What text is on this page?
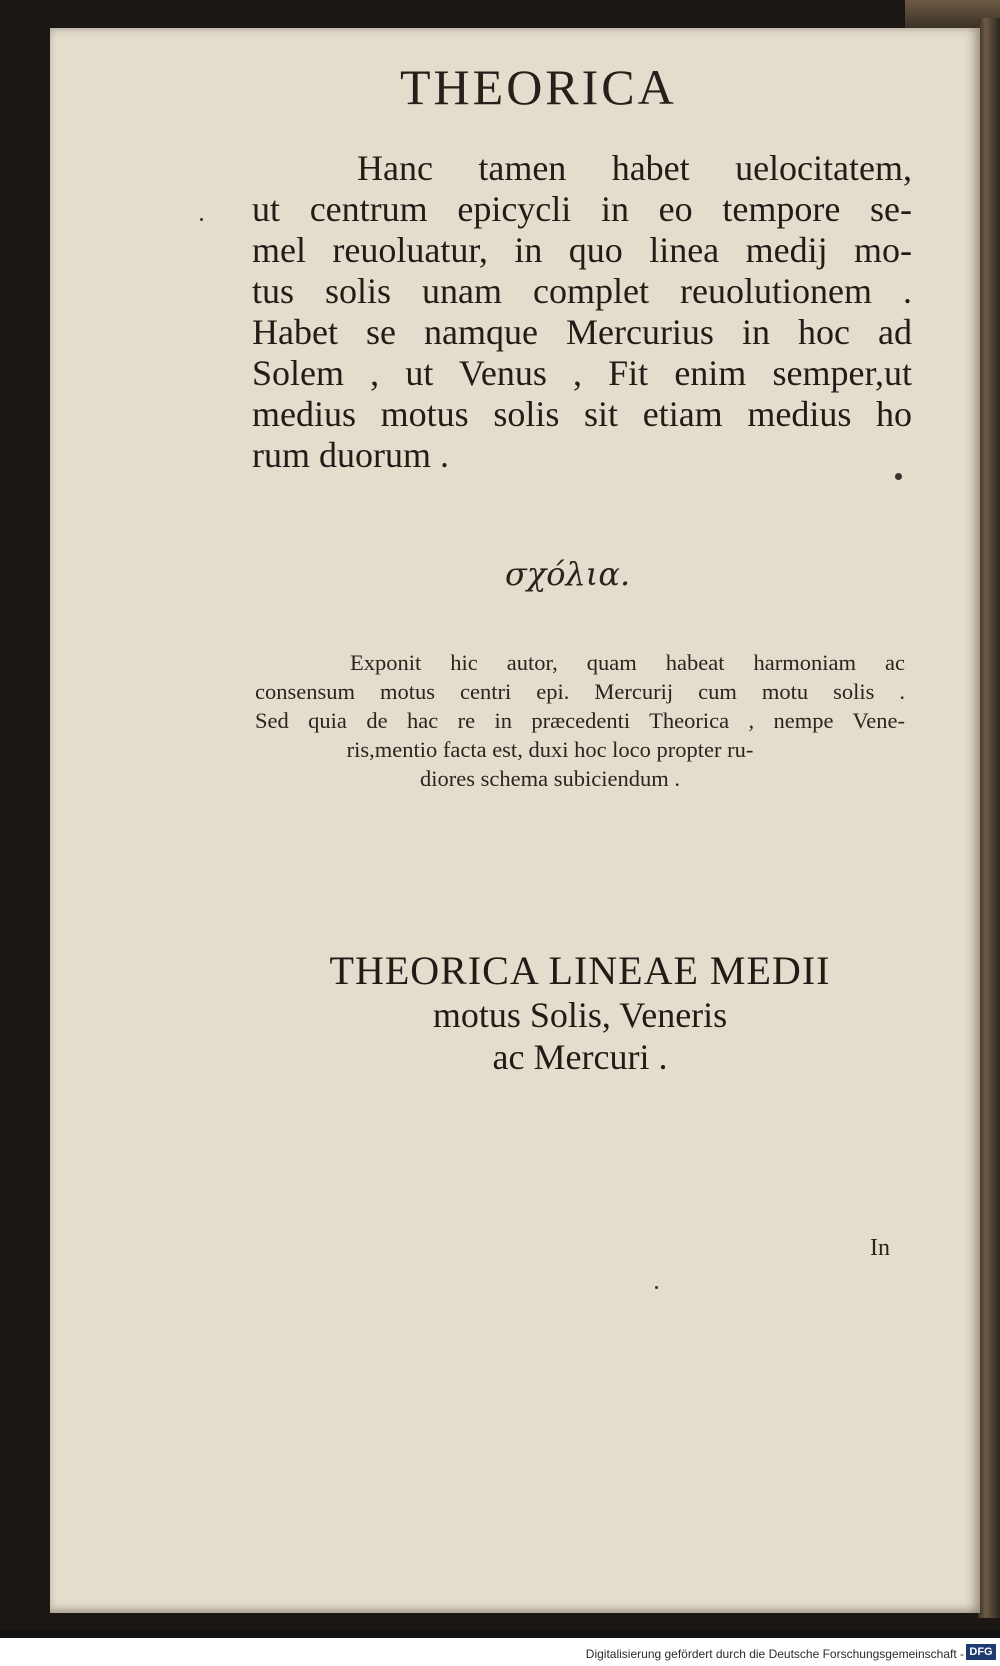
THEORICA
Hanc tamen habet uelocitatem,
ut centrum epicycli in eo tempore se-
mel reuoluatur, in quo linea medij mo-
tus solis unam complet reuolutionem .
Habet se namque Mercurius in hoc ad
Solem , ut Venus , Fit enim semper,ut
medius motus solis sit etiam medius ho
rum duorum .
σχόλια.
Exponit hic autor, quam habeat harmoniam ac
consensum motus centri epi. Mercurij cum motu solis .
Sed quia de hac re in præcedenti Theorica , nempe Vene-
ris,mentio facta est, duxi hoc loco propter ru-
diores schema subiciendum .
THEORICA LINEAE MEDII
motus Solis, Veneris
ac Mercuri .
In
Digitalisierung gefördert durch die Deutsche Forschungsgemeinschaft - DFG
